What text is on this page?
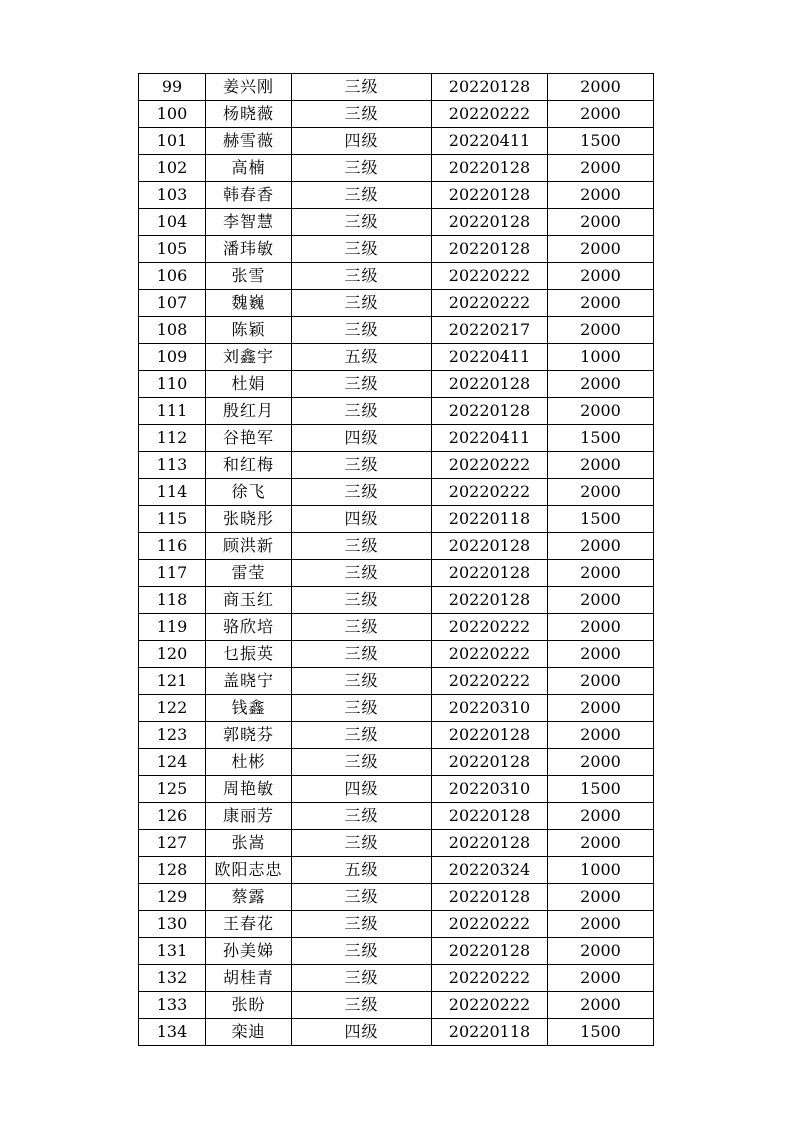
99	姜兴刚	三级	20220128	2000
100	杨晓薇	三级	20220222	2000
101	赫雪薇	四级	20220411	1500
102	高楠	三级	20220128	2000
103	韩春香	三级	20220128	2000
104	李智慧	三级	20220128	2000
105	潘玮敏	三级	20220128	2000
106	张雪	三级	20220222	2000
107	魏巍	三级	20220222	2000
108	陈颖	三级	20220217	2000
109	刘鑫宇	五级	20220411	1000
110	杜娟	三级	20220128	2000
111	殷红月	三级	20220128	2000
112	谷艳军	四级	20220411	1500
113	和红梅	三级	20220222	2000
114	徐飞	三级	20220222	2000
115	张晓彤	四级	20220118	1500
116	顾洪新	三级	20220128	2000
117	雷莹	三级	20220128	2000
118	商玉红	三级	20220128	2000
119	骆欣培	三级	20220222	2000
120	乜振英	三级	20220222	2000
121	盖晓宁	三级	20220222	2000
122	钱鑫	三级	20220310	2000
123	郭晓芬	三级	20220128	2000
124	杜彬	三级	20220128	2000
125	周艳敏	四级	20220310	1500
126	康丽芳	三级	20220128	2000
127	张嵩	三级	20220128	2000
128	欧阳志忠	五级	20220324	1000
129	蔡露	三级	20220128	2000
130	王春花	三级	20220222	2000
131	孙美娣	三级	20220128	2000
132	胡桂青	三级	20220222	2000
133	张盼	三级	20220222	2000
134	栾迪	四级	20220118	1500
